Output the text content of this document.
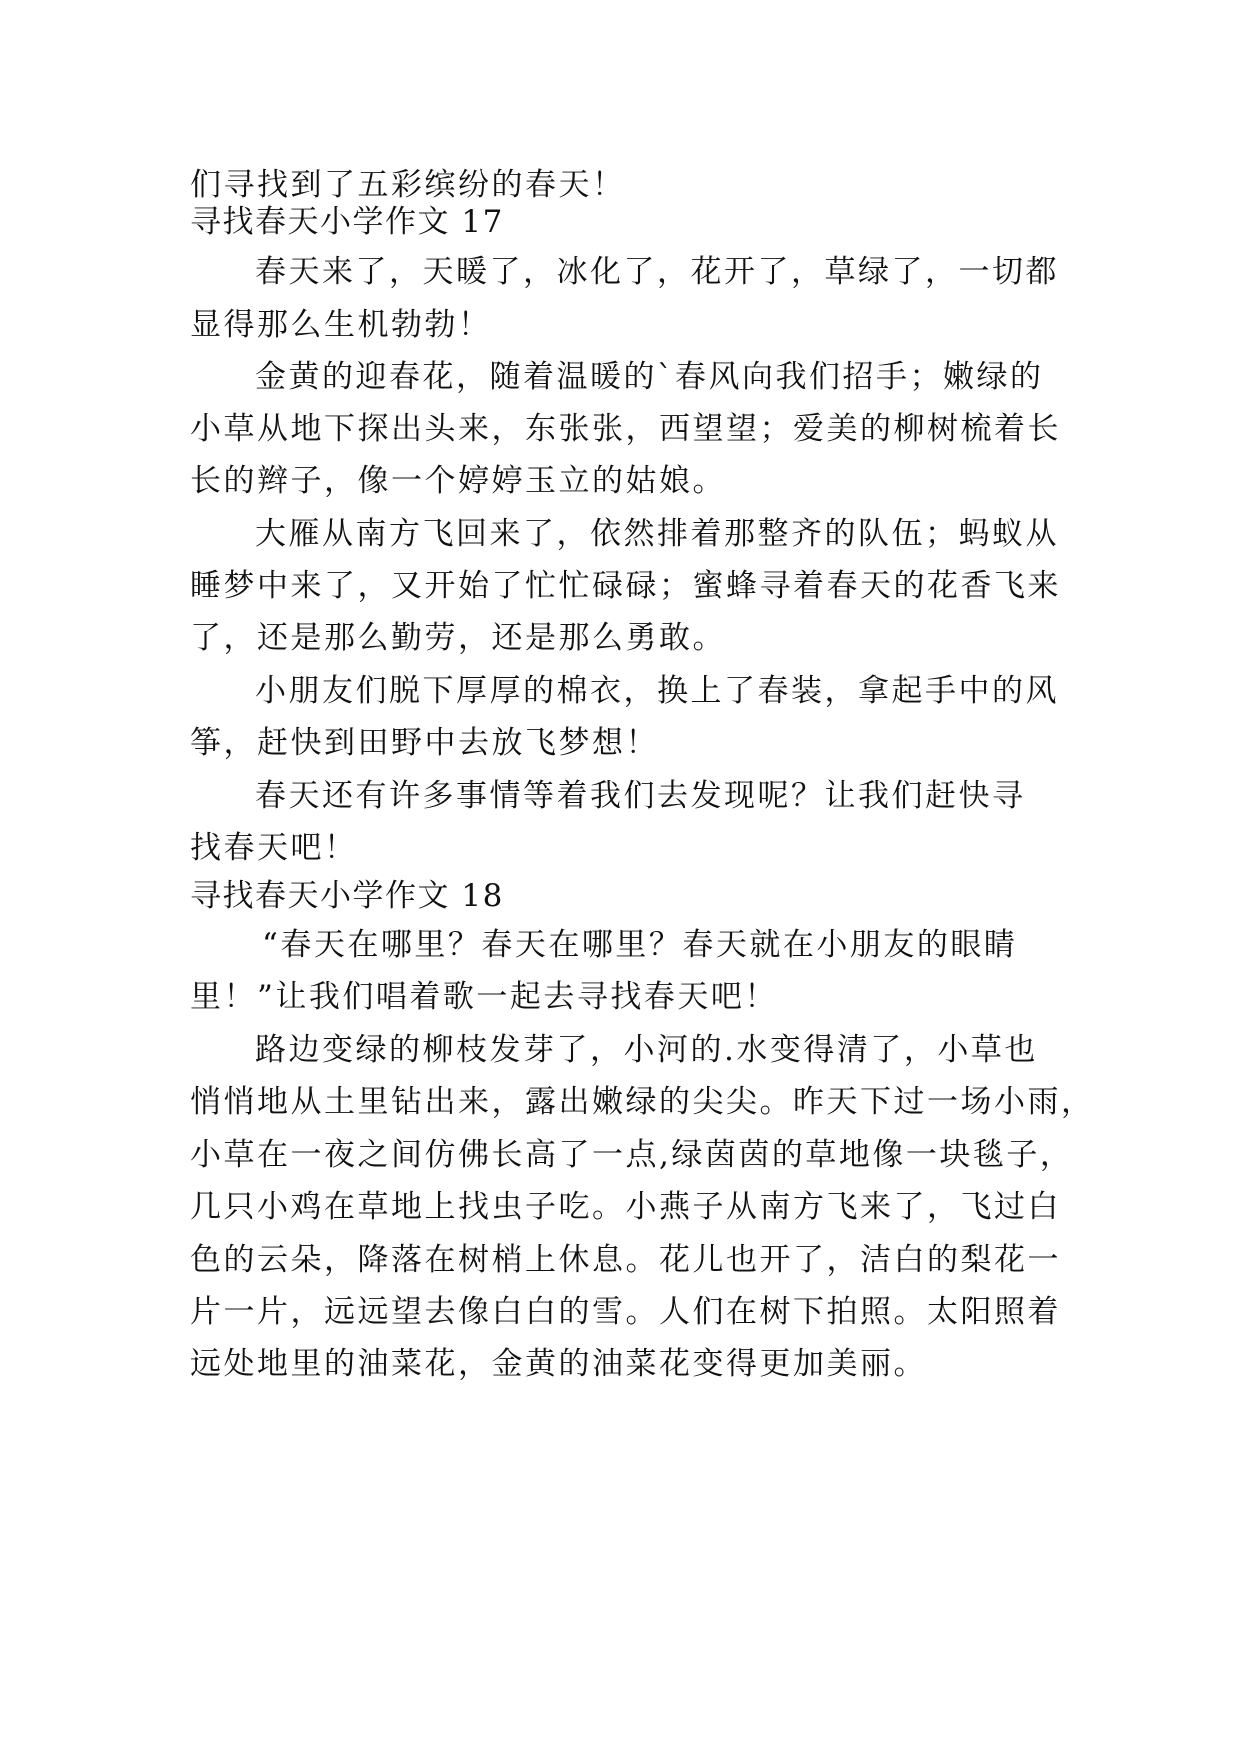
们寻找到了五彩缤纷的春天！

寻找春天小学作文 17

春天来了，天暖了，冰化了，花开了，草绿了，一切都

显得那么生机勃勃！

金黄的迎春花，随着温暖的`春风向我们招手；嫩绿的

小草从地下探出头来，东张张，西望望；爱美的柳树梳着长

长的辫子，像一个婷婷玉立的姑娘。

大雁从南方飞回来了，依然排着那整齐的队伍；蚂蚁从

睡梦中来了，又开始了忙忙碌碌；蜜蜂寻着春天的花香飞来

了，还是那么勤劳，还是那么勇敢。

小朋友们脱下厚厚的棉衣，换上了春装，拿起手中的风

筝，赶快到田野中去放飞梦想！

春天还有许多事情等着我们去发现呢？让我们赶快寻

找春天吧！

寻找春天小学作文 18

“春天在哪里？春天在哪里？春天就在小朋友的眼睛

里！”让我们唱着歌一起去寻找春天吧！

路边变绿的柳枝发芽了，小河的.水变得清了，小草也

悄悄地从土里钻出来，露出嫩绿的尖尖。昨天下过一场小雨，

小草在一夜之间仿佛长高了一点,绿茵茵的草地像一块毯子，

几只小鸡在草地上找虫子吃。小燕子从南方飞来了，飞过白

色的云朵，降落在树梢上休息。花儿也开了，洁白的梨花一

片一片，远远望去像白白的雪。人们在树下拍照。太阳照着

远处地里的油菜花，金黄的油菜花变得更加美丽。
